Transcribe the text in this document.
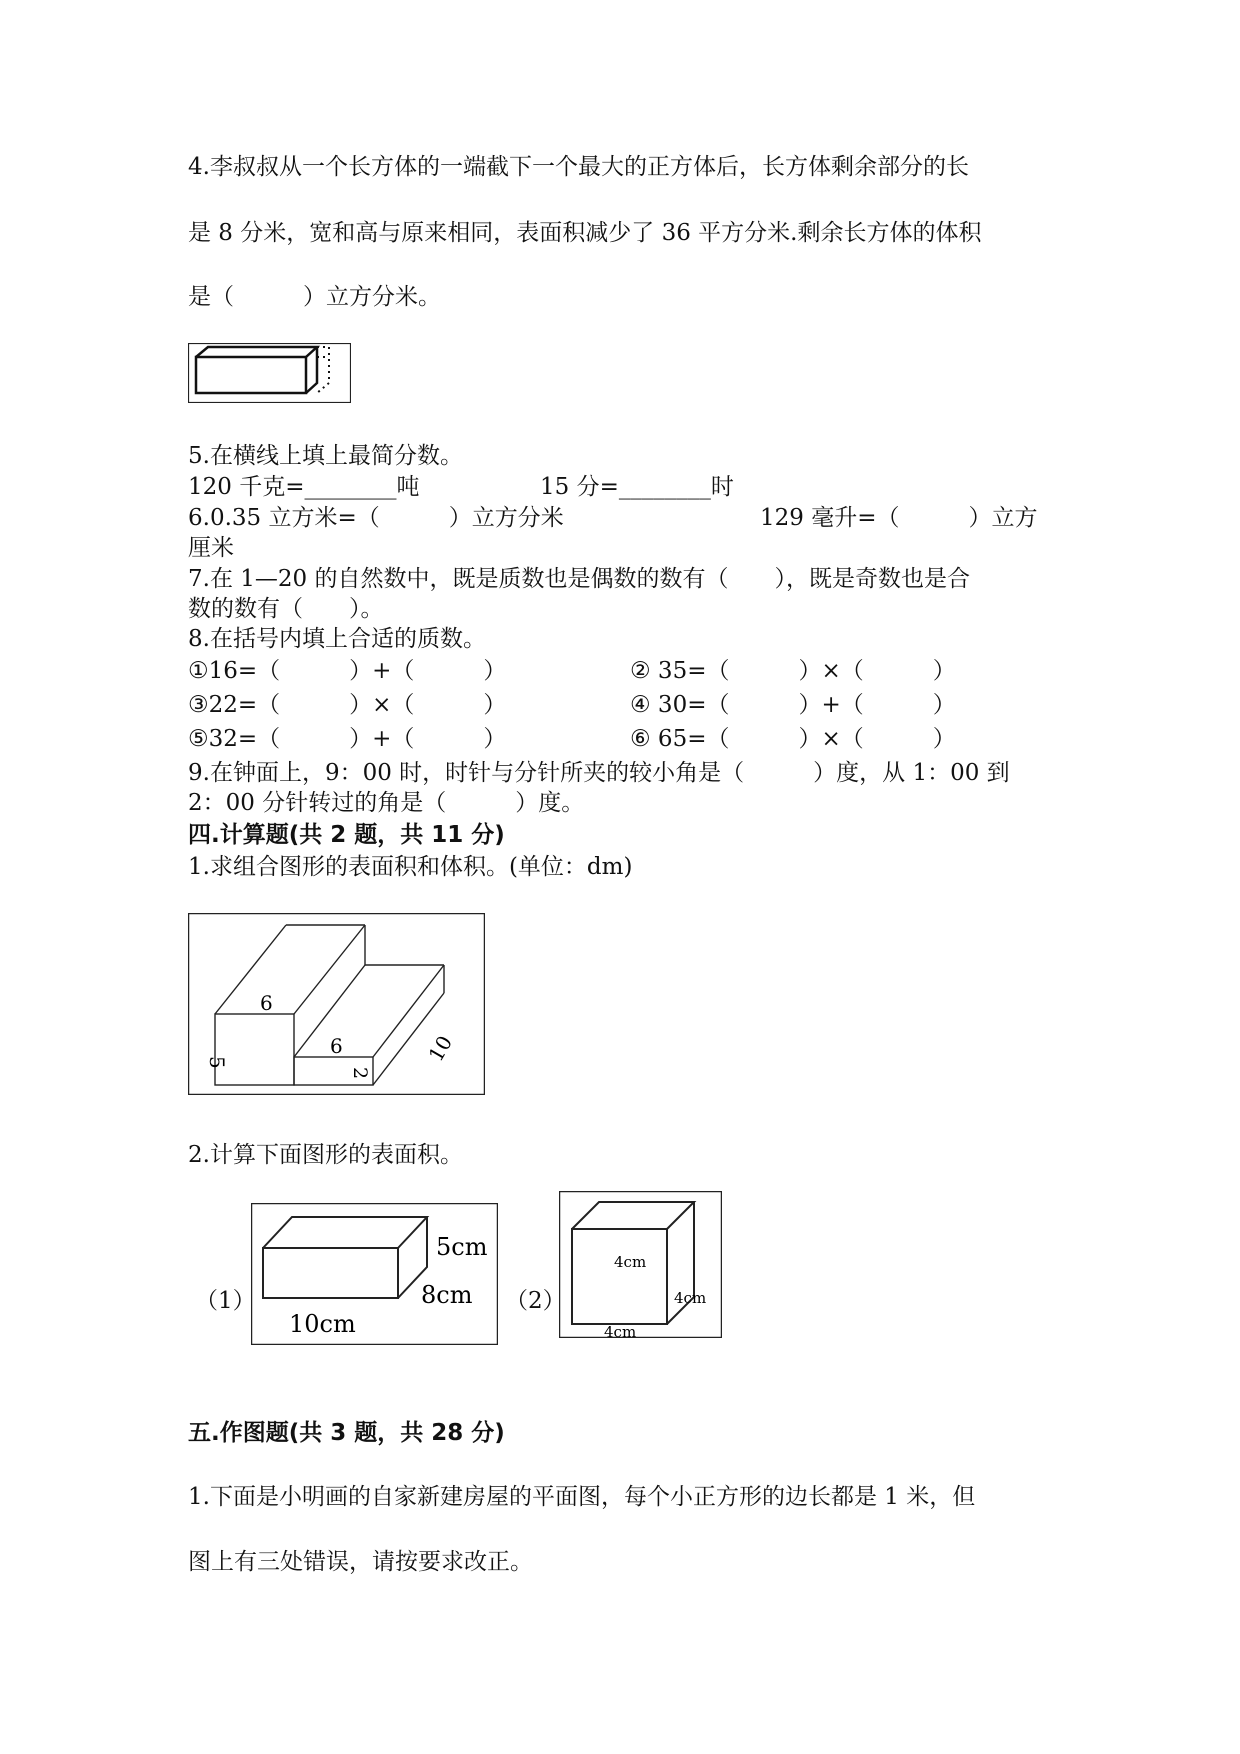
4.李叔叔从一个长方体的一端截下一个最大的正方体后，长方体剩余部分的长
是 8 分米，宽和高与原来相同，表面积减少了 36 平方分米.剩余长方体的体积
是（　　　）立方分米。
5.在横线上填上最简分数。
120 千克=________吨	15 分=________时
6.0.35 立方米=（　　　）立方分米	129 毫升=（　　　）立方
厘米
7.在 1—20 的自然数中，既是质数也是偶数的数有（　　），既是奇数也是合
数的数有（　　）。
8.在括号内填上合适的质数。
①16=（　　　）+（　　　）	② 35=（　　　）×（　　　）
③22=（　　　）×（　　　）	④ 30=（　　　）+（　　　）
⑤32=（　　　）+（　　　）	⑥ 65=（　　　）×（　　　）
9.在钟面上，9：00 时，时针与分针所夹的较小角是（　　　）度，从 1：00 到
2：00 分针转过的角是（　　　）度。
四.计算题(共 2 题，共 11 分)
1.求组合图形的表面积和体积。(单位：dm)
6
5
6
2
10
2.计算下面图形的表面积。
（1）
5cm
8cm
10cm
（2）
4cm
4cm
4cm
五.作图题(共 3 题，共 28 分)
1.下面是小明画的自家新建房屋的平面图，每个小正方形的边长都是 1 米，但
图上有三处错误，请按要求改正。
